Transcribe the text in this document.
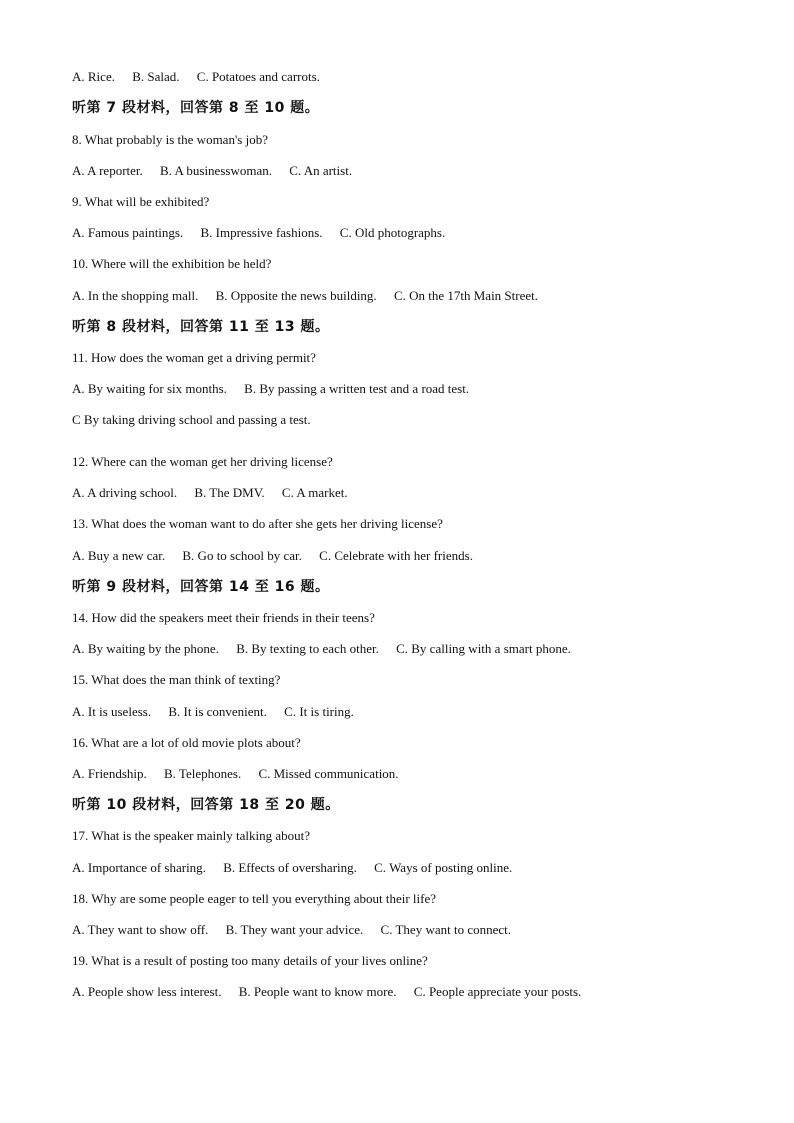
A. Rice. B. Salad. C. Potatoes and carrots.
听第 7 段材料，回答第 8 至 10 题。
8. What probably is the woman's job?
A. A reporter. B. A businesswoman. C. An artist.
9. What will be exhibited?
A. Famous paintings. B. Impressive fashions. C. Old photographs.
10. Where will the exhibition be held?
A. In the shopping mall. B. Opposite the news building. C. On the 17th Main Street.
听第 8 段材料，回答第 11 至 13 题。
11. How does the woman get a driving permit?
A. By waiting for six months. B. By passing a written test and a road test.
C By taking driving school and passing a test.
12. Where can the woman get her driving license?
A. A driving school. B. The DMV. C. A market.
13. What does the woman want to do after she gets her driving license?
A. Buy a new car. B. Go to school by car. C. Celebrate with her friends.
听第 9 段材料，回答第 14 至 16 题。
14. How did the speakers meet their friends in their teens?
A. By waiting by the phone. B. By texting to each other. C. By calling with a smart phone.
15. What does the man think of texting?
A. It is useless. B. It is convenient. C. It is tiring.
16. What are a lot of old movie plots about?
A. Friendship. B. Telephones. C. Missed communication.
听第 10 段材料，回答第 18 至 20 题。
17. What is the speaker mainly talking about?
A. Importance of sharing. B. Effects of oversharing. C. Ways of posting online.
18. Why are some people eager to tell you everything about their life?
A. They want to show off. B. They want your advice. C. They want to connect.
19. What is a result of posting too many details of your lives online?
A. People show less interest. B. People want to know more. C. People appreciate your posts.
